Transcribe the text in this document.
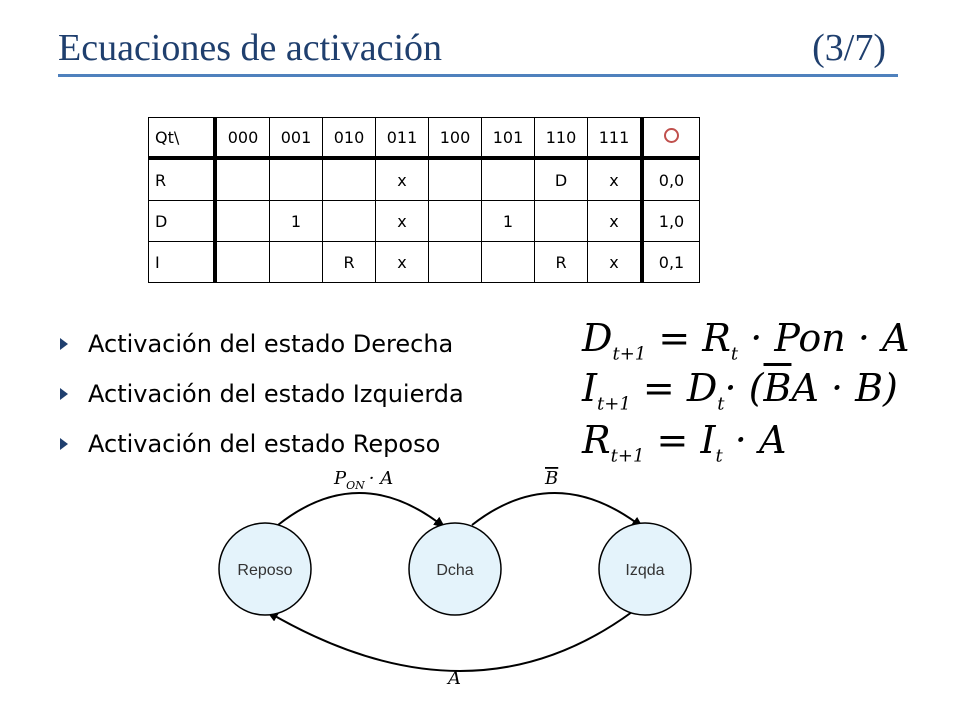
Ecuaciones de activación	(3/7)
Qt\	000	001	010	011	100	101	110	111	
R				x			D	x	0,0
D		1		x		1		x	1,0
I			R	x			R	x	0,1
Activación del estado Derecha
Activación del estado Izquierda
Activación del estado Reposo
$D_{t+1} = R_t$ · Pon · A
$I_{t+1} = D_t\cdot (\overline{B}A \cdot B)$
$R_{t+1} = I_t \cdot A$
Reposo	Dcha	Izqda
$P_{ON} \cdot A$	B
A
